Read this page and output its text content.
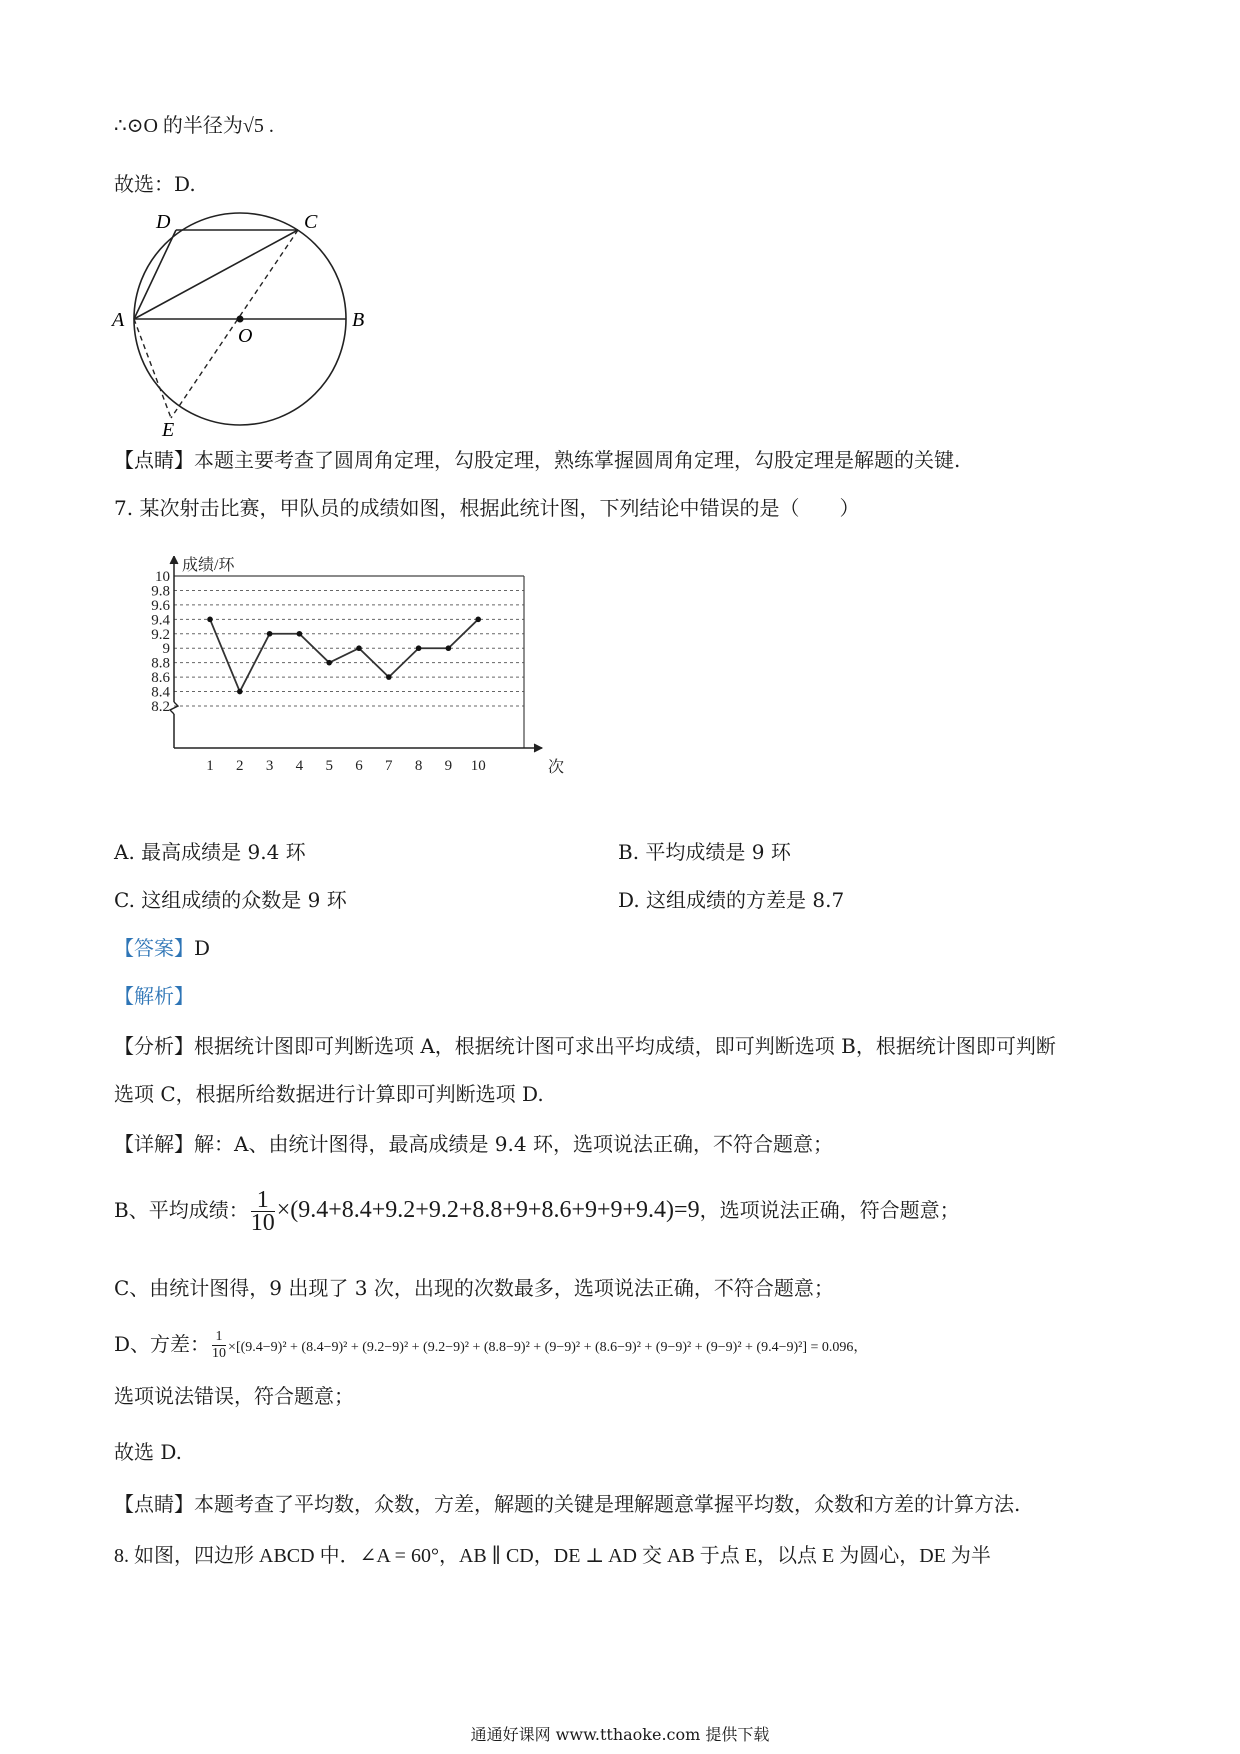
∴⊙O 的半径为√5 .
故选：D.
D	C
A
O
B
E
【点睛】本题主要考查了圆周角定理，勾股定理，熟练掌握圆周角定理，勾股定理是解题的关键.
7. 某次射击比赛，甲队员的成绩如图，根据此统计图，下列结论中错误的是（　　）
10
9.8
9.6
9.4
9.2
9
8.8
8.6
8.4
8.2
成绩/环
1 2 3 4 5 6 7 8 9 10	次
A. 最高成绩是 9.4 环	B. 平均成绩是 9 环
C. 这组成绩的众数是 9 环	D. 这组成绩的方差是 8.7
【答案】D
【解析】
【分析】根据统计图即可判断选项 A，根据统计图可求出平均成绩，即可判断选项 B，根据统计图即可判断
选项 C，根据所给数据进行计算即可判断选项 D.
【详解】解：A、由统计图得，最高成绩是 9.4 环，选项说法正确，不符合题意；
B、平均成绩： $\frac{1}{10} \times(9.4+8.4+9.2+9.2+8.8+9+8.6+9+9+9.4)=9$，选项说法正确，符合题意；
C、由统计图得，9 出现了 3 次，出现的次数最多，选项说法正确，不符合题意；
D、方差： $\frac{1}{10} \times[(9.4-9)^2 + (8.4-9)^2 + (9.2-9)^2 + (9.2-9)^2 + (8.8-9)^2 + (9-9)^2 + (8.6-9)^2 + (9-9)^2 + (9-9)^2 + (9.4-9)^2] = 0.096$，
选项说法错误，符合题意；
故选 D.
【点睛】本题考查了平均数，众数，方差，解题的关键是理解题意掌握平均数，众数和方差的计算方法.
8. 如图，四边形 ABCD 中．∠A = 60°，AB ∥ CD，DE ⊥ AD 交 AB 于点 E，以点 E 为圆心，DE 为半
通通好课网 www.tthaoke.com 提供下载
